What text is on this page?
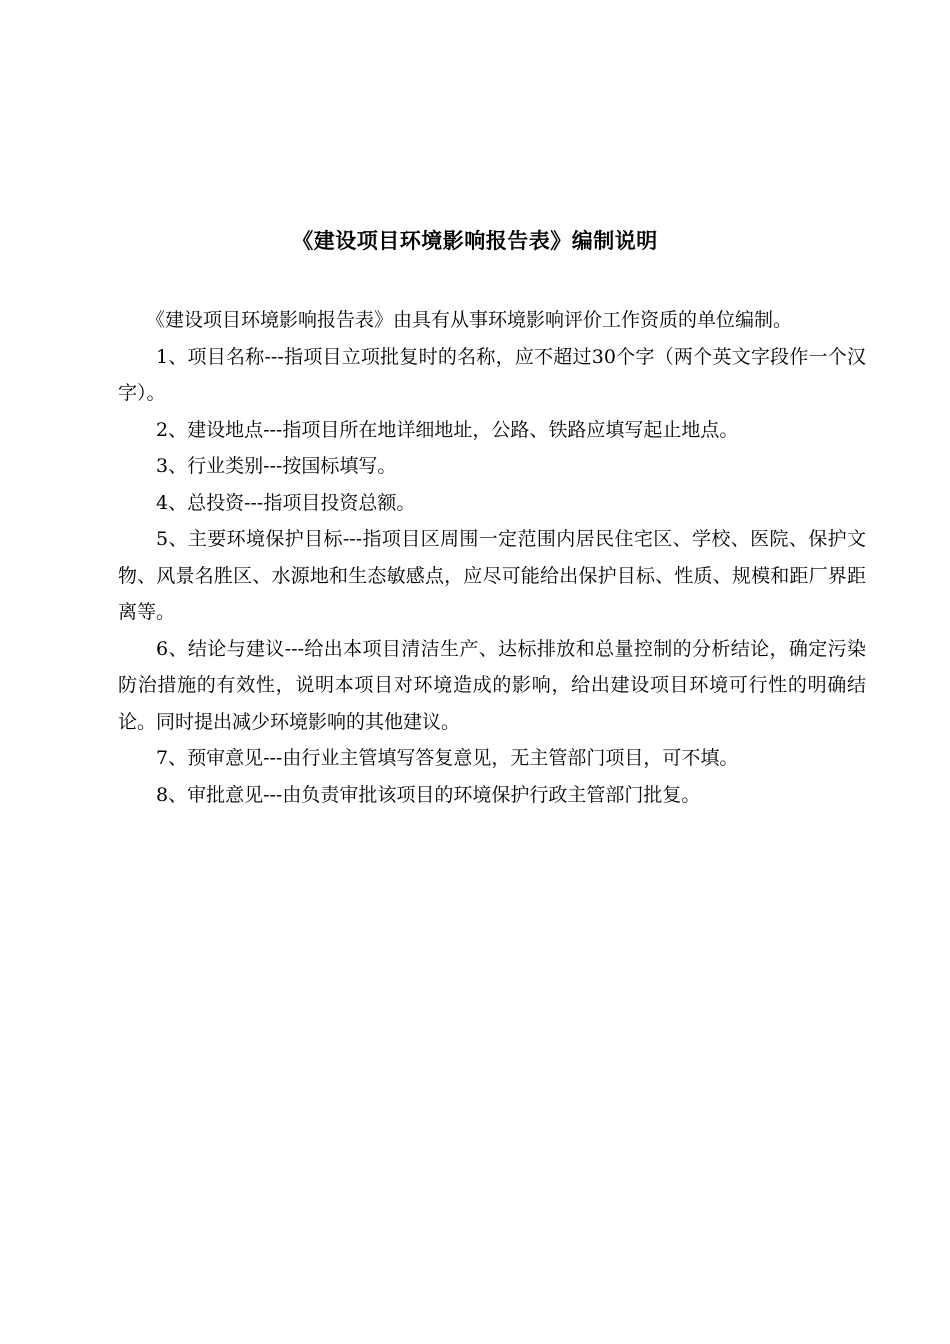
《建设项目环境影响报告表》编制说明

《建设项目环境影响报告表》由具有从事环境影响评价工作资质的单位编制。

1、项目名称---指项目立项批复时的名称，应不超过30个字（两个英文字段作一个汉字）。

2、建设地点---指项目所在地详细地址，公路、铁路应填写起止地点。

3、行业类别---按国标填写。

4、总投资---指项目投资总额。

5、主要环境保护目标---指项目区周围一定范围内居民住宅区、学校、医院、保护文物、风景名胜区、水源地和生态敏感点，应尽可能给出保护目标、性质、规模和距厂界距离等。

6、结论与建议---给出本项目清洁生产、达标排放和总量控制的分析结论，确定污染防治措施的有效性，说明本项目对环境造成的影响，给出建设项目环境可行性的明确结论。同时提出减少环境影响的其他建议。

7、预审意见---由行业主管填写答复意见，无主管部门项目，可不填。

8、审批意见---由负责审批该项目的环境保护行政主管部门批复。
